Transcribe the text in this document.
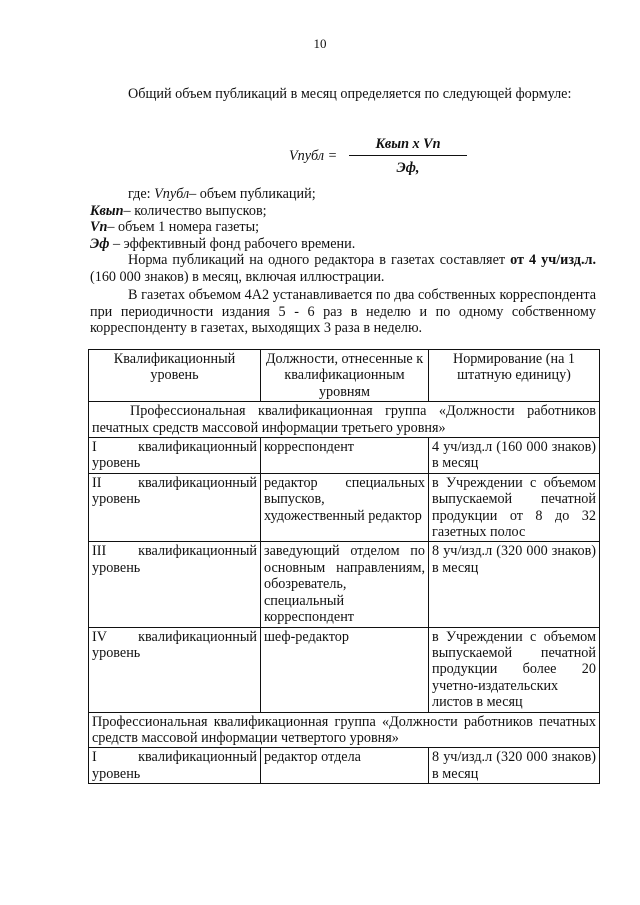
10
Общий объем публикаций в месяц определяется по следующей формуле:
Vпубл =
Kвып x Vп
Эф,
где: Vпубл– объем публикаций;
Kвып– количество выпусков;
Vп– объем 1 номера газеты;
Эф – эффективный фонд рабочего времени.
Норма публикаций на одного редактора в газетах составляет от 4 уч/изд.л. (160 000 знаков) в месяц, включая иллюстрации.
В газетах объемом 4А2 устанавливается по два собственных корреспондента при периодичности издания 5 - 6 раз в неделю и по одному собственному корреспонденту в газетах, выходящих 3 раза в неделю.
Квалификационный уровень	Должности, отнесенные к квалификационным уровням	Нормирование (на 1 штатную единицу)
Профессиональная квалификационная группа «Должности работников печатных средств массовой информации третьего уровня»		
I квалификационный уровень	корреспондент	4 уч/изд.л (160 000 знаков) в месяц
II квалификационный уровень	редактор специальных выпусков, художественный редактор	в Учреждении с объемом выпускаемой печатной продукции от 8 до 32 газетных полос
III квалификационный уровень	заведующий отделом по основным направлениям, обозреватель, специальный корреспондент	8 уч/изд.л (320 000 знаков) в месяц
IV квалификационный уровень	шеф-редактор	в Учреждении с объемом выпускаемой печатной продукции более 20 учетно-издательских листов в месяц
Профессиональная квалификационная группа «Должности работников печатных средств массовой информации четвертого уровня»		
I квалификационный уровень	редактор отдела	8 уч/изд.л (320 000 знаков) в месяц
